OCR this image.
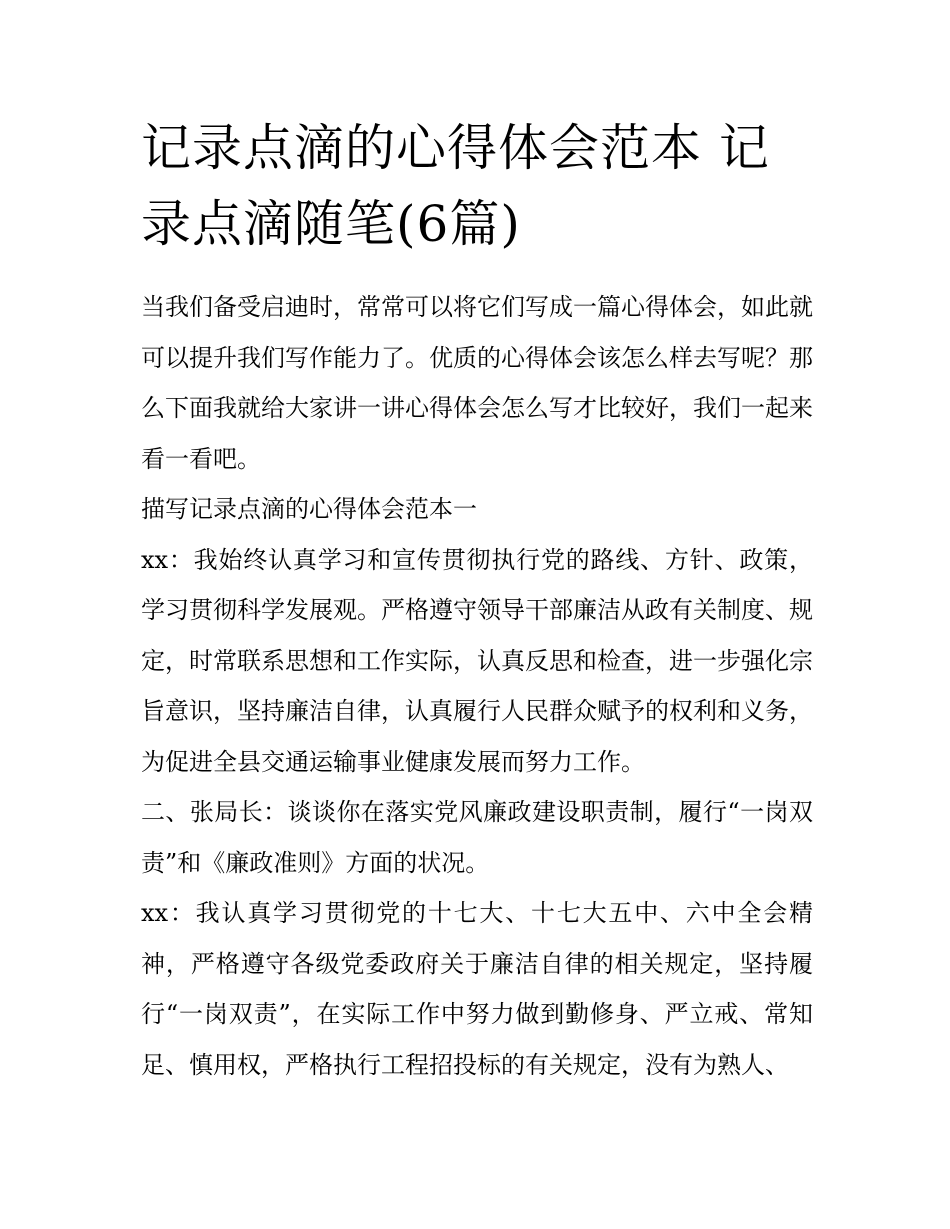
记录点滴的心得体会范本 记录点滴随笔(6篇)

当我们备受启迪时，常常可以将它们写成一篇心得体会，如此就可以提升我们写作能力了。优质的心得体会该怎么样去写呢？那么下面我就给大家讲一讲心得体会怎么写才比较好，我们一起来看一看吧。

描写记录点滴的心得体会范本一

xx：我始终认真学习和宣传贯彻执行党的路线、方针、政策，学习贯彻科学发展观。严格遵守领导干部廉洁从政有关制度、规定，时常联系思想和工作实际，认真反思和检查，进一步强化宗旨意识，坚持廉洁自律，认真履行人民群众赋予的权利和义务，为促进全县交通运输事业健康发展而努力工作。

二、张局长：谈谈你在落实党风廉政建设职责制，履行“一岗双责”和《廉政准则》方面的状况。

xx：我认真学习贯彻党的十七大、十七大五中、六中全会精神，严格遵守各级党委政府关于廉洁自律的相关规定，坚持履行“一岗双责”，在实际工作中努力做到勤修身、严立戒、常知足、慎用权，严格执行工程招投标的有关规定，没有为熟人、
